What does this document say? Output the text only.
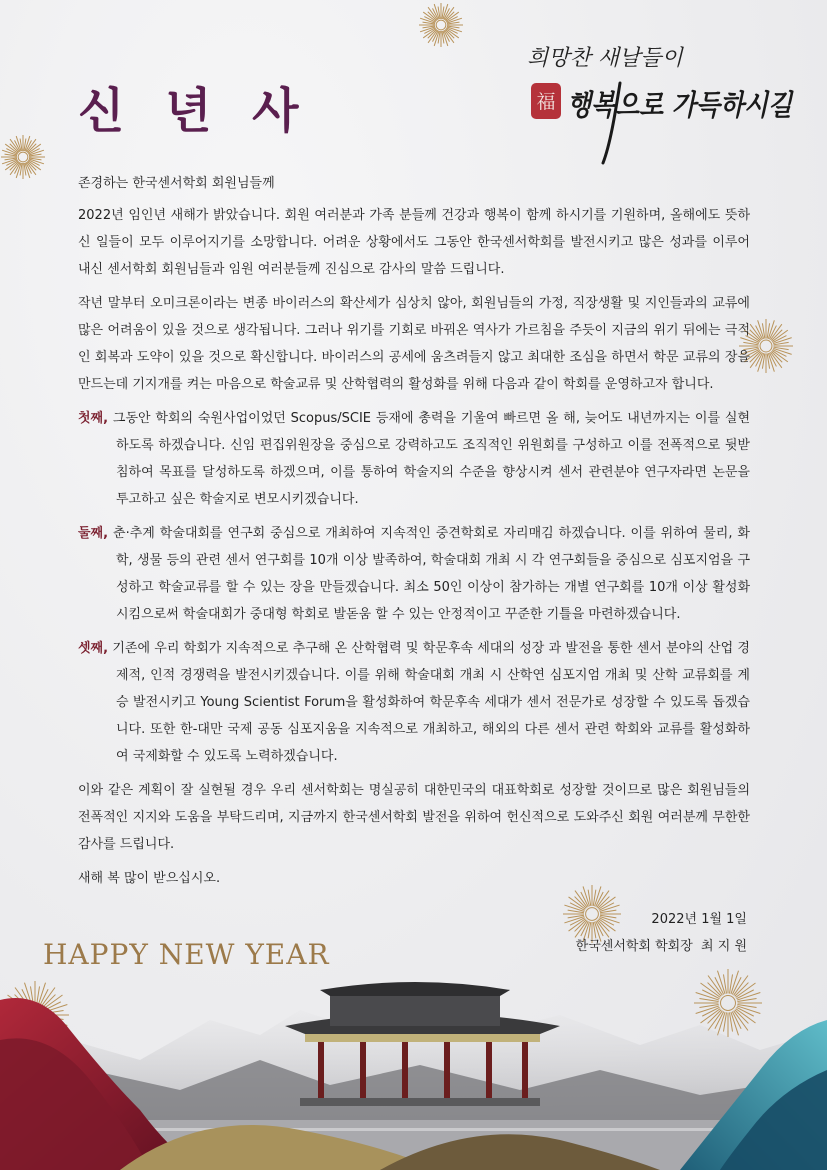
신 년 사
희망찬 새날들이
福 행복으로 가득하시길

존경하는 한국센서학회 회원님들께

2022년 임인년 새해가 밝았습니다. 회원 여러분과 가족 분들께 건강과 행복이 함께 하시기를 기원하며, 올해에도 뜻하신 일들이 모두 이루어지기를 소망합니다. 어려운 상황에서도 그동안 한국센서학회를 발전시키고 많은 성과를 이루어 내신 센서학회 회원님들과 임원 여러분들께 진심으로 감사의 말씀 드립니다.

작년 말부터 오미크론이라는 변종 바이러스의 확산세가 심상치 않아, 회원님들의 가정, 직장생활 및 지인들과의 교류에 많은 어려움이 있을 것으로 생각됩니다. 그러나 위기를 기회로 바꿔온 역사가 가르침을 주듯이 지금의 위기 뒤에는 극적인 회복과 도약이 있을 것으로 확신합니다. 바이러스의 공세에 움츠려들지 않고 최대한 조심을 하면서 학문 교류의 장을 만드는데 기지개를 켜는 마음으로 학술교류 및 산학협력의 활성화를 위해 다음과 같이 학회를 운영하고자 합니다.

첫째, 그동안 학회의 숙원사업이었던 Scopus/SCIE 등재에 총력을 기울여 빠르면 올 해, 늦어도 내년까지는 이를 실현하도록 하겠습니다. 신임 편집위원장을 중심으로 강력하고도 조직적인 위원회를 구성하고 이를 전폭적으로 뒷받침하여 목표를 달성하도록 하겠으며, 이를 통하여 학술지의 수준을 향상시켜 센서 관련분야 연구자라면 논문을 투고하고 싶은 학술지로 변모시키겠습니다.

둘째, 춘·추계 학술대회를 연구회 중심으로 개최하여 지속적인 중견학회로 자리매김 하겠습니다. 이를 위하여 물리, 화학, 생물 등의 관련 센서 연구회를 10개 이상 발족하여, 학술대회 개최 시 각 연구회들을 중심으로 심포지엄을 구성하고 학술교류를 할 수 있는 장을 만들겠습니다. 최소 50인 이상이 참가하는 개별 연구회를 10개 이상 활성화시킴으로써 학술대회가 중대형 학회로 발돋움 할 수 있는 안정적이고 꾸준한 기틀을 마련하겠습니다.

셋째, 기존에 우리 학회가 지속적으로 추구해 온 산학협력 및 학문후속 세대의 성장 과 발전을 통한 센서 분야의 산업 경제적, 인적 경쟁력을 발전시키겠습니다. 이를 위해 학술대회 개최 시 산학연 심포지엄 개최 및 산학 교류회를 계승 발전시키고 Young Scientist Forum을 활성화하여 학문후속 세대가 센서 전문가로 성장할 수 있도록 돕겠습니다. 또한 한-대만 국제 공동 심포지움을 지속적으로 개최하고, 해외의 다른 센서 관련 학회와 교류를 활성화하여 국제화할 수 있도록 노력하겠습니다.

이와 같은 계획이 잘 실현될 경우 우리 센서학회는 명실공히 대한민국의 대표학회로 성장할 것이므로 많은 회원님들의 전폭적인 지지와 도움을 부탁드리며, 지금까지 한국센서학회 발전을 위하여 헌신적으로 도와주신 회원 여러분께 무한한 감사를 드립니다.

새해 복 많이 받으십시오.

2022년 1월 1일
한국센서학회 학회장  최 지 원
HAPPY NEW YEAR
